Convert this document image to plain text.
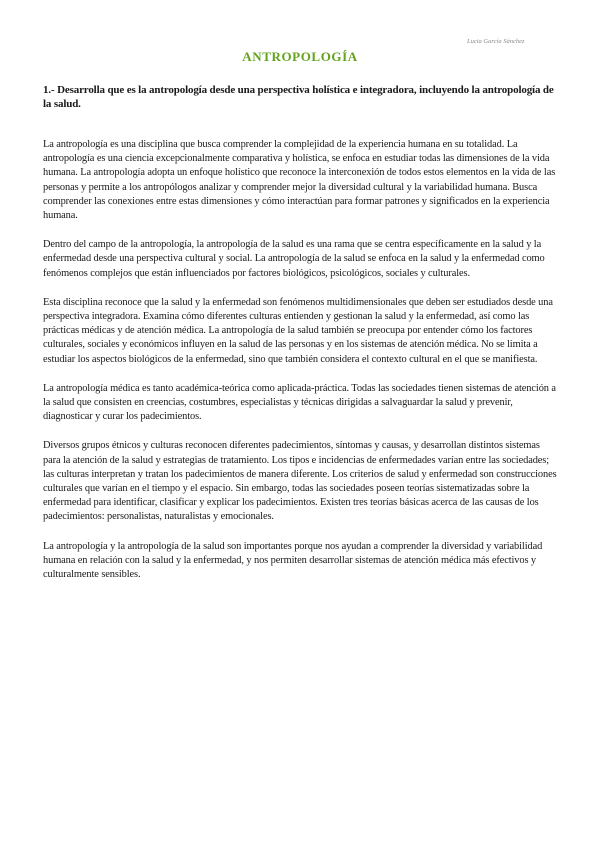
Lucia García Sánchez
ANTROPOLOGÍA
1.- Desarrolla que es la antropología desde una perspectiva holística e integradora, incluyendo la antropología de la salud.

La antropología es una disciplina que busca comprender la complejidad de la experiencia humana en su totalidad. La antropología es una ciencia excepcionalmente comparativa y holística, se enfoca en estudiar todas las dimensiones de la vida humana. La antropología adopta un enfoque holístico que reconoce la interconexión de todos estos elementos en la vida de las personas y permite a los antropólogos analizar y comprender mejor la diversidad cultural y la variabilidad humana. Busca comprender las conexiones entre estas dimensiones y cómo interactúan para formar patrones y significados en la experiencia humana.

Dentro del campo de la antropología, la antropología de la salud es una rama que se centra específicamente en la salud y la enfermedad desde una perspectiva cultural y social. La antropología de la salud se enfoca en la salud y la enfermedad como fenómenos complejos que están influenciados por factores biológicos, psicológicos, sociales y culturales.

Esta disciplina reconoce que la salud y la enfermedad son fenómenos multidimensionales que deben ser estudiados desde una perspectiva integradora. Examina cómo diferentes culturas entienden y gestionan la salud y la enfermedad, así como las prácticas médicas y de atención médica. La antropología de la salud también se preocupa por entender cómo los factores culturales, sociales y económicos influyen en la salud de las personas y en los sistemas de atención médica. No se limita a estudiar los aspectos biológicos de la enfermedad, sino que también considera el contexto cultural en el que se manifiesta.

La antropología médica es tanto académica-teórica como aplicada-práctica. Todas las sociedades tienen sistemas de atención a la salud que consisten en creencias, costumbres, especialistas y técnicas dirigidas a salvaguardar la salud y prevenir, diagnosticar y curar los padecimientos.

Diversos grupos étnicos y culturas reconocen diferentes padecimientos, síntomas y causas, y desarrollan distintos sistemas para la atención de la salud y estrategias de tratamiento. Los tipos e incidencias de enfermedades varían entre las sociedades; las culturas interpretan y tratan los padecimientos de manera diferente. Los criterios de salud y enfermedad son construcciones culturales que varían en el tiempo y el espacio. Sin embargo, todas las sociedades poseen teorías sistematizadas sobre la enfermedad para identificar, clasificar y explicar los padecimientos. Existen tres teorías básicas acerca de las causas de los padecimientos: personalistas, naturalistas y emocionales.

La antropología y la antropología de la salud son importantes porque nos ayudan a comprender la diversidad y variabilidad humana en relación con la salud y la enfermedad, y nos permiten desarrollar sistemas de atención médica más efectivos y culturalmente sensibles.
